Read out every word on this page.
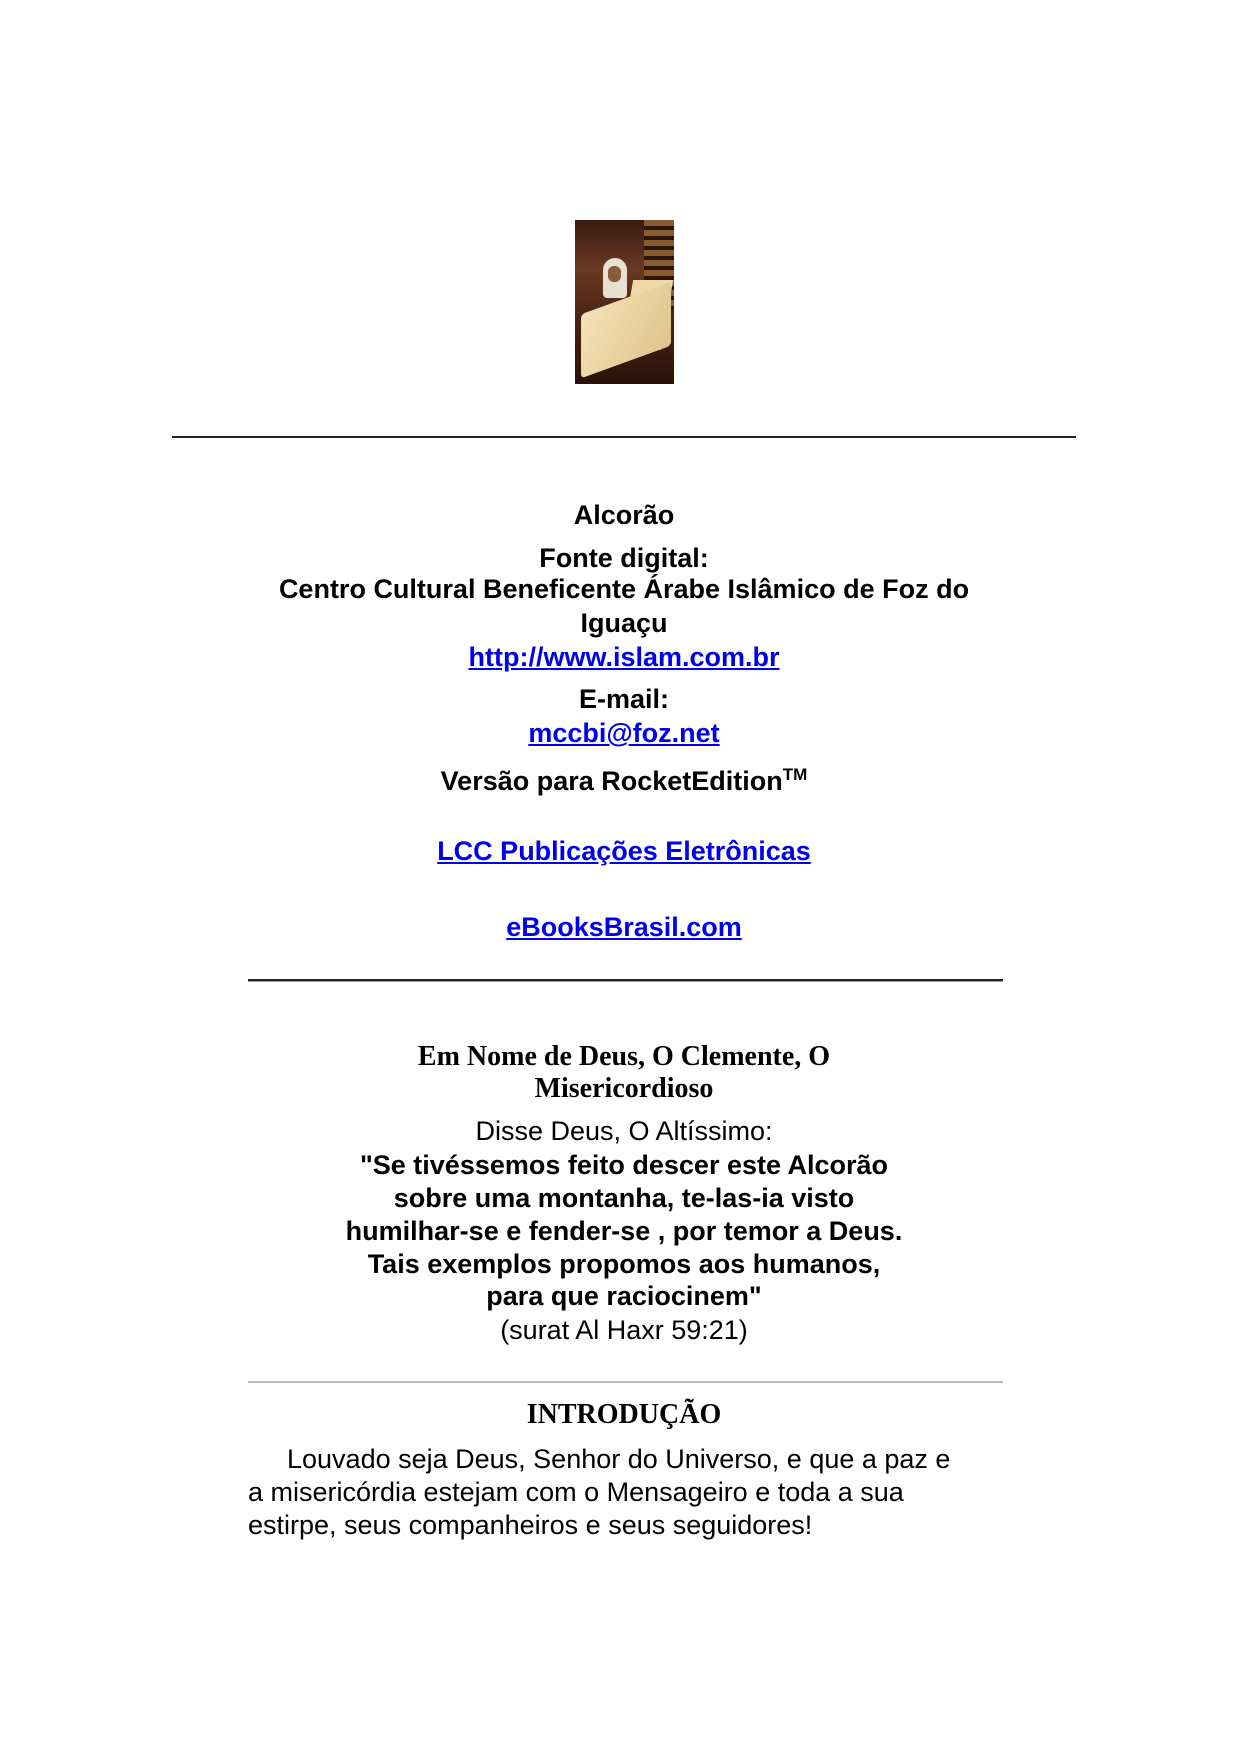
Alcorão
Fonte digital:
Centro Cultural Beneficente Árabe Islâmico de Foz do
Iguaçu
http://www.islam.com.br
E-mail:
mccbi@foz.net
Versão para RocketEdition™
LCC Publicações Eletrônicas
eBooksBrasil.com
Em Nome de Deus, O Clemente, O
Misericordioso
Disse Deus, O Altíssimo:
"Se tivéssemos feito descer este Alcorão
sobre uma montanha, te-las-ia visto
humilhar-se e fender-se , por temor a Deus.
Tais exemplos propomos aos humanos,
para que raciocinem"
(surat Al Haxr 59:21)
INTRODUÇÃO
Louvado seja Deus, Senhor do Universo, e que a paz e
a misericórdia estejam com o Mensageiro e toda a sua
estirpe, seus companheiros e seus seguidores!
